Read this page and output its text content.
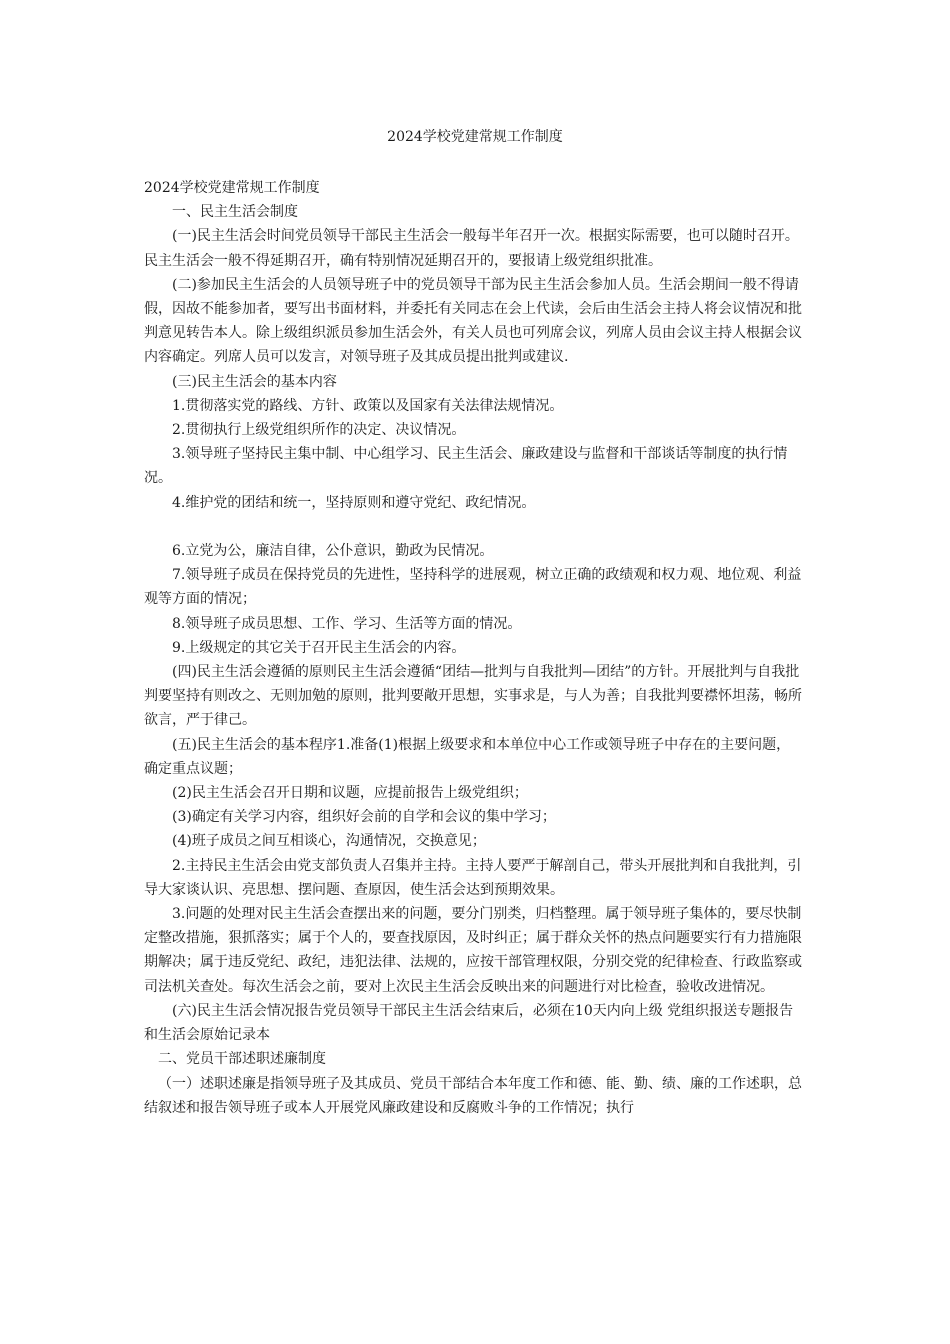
2024学校党建常规工作制度

2024学校党建常规工作制度

一、民主生活会制度

(一)民主生活会时间党员领导干部民主生活会一般每半年召开一次。根据实际需要，也可以随时召开。民主生活会一般不得延期召开，确有特别情况延期召开的，要报请上级党组织批准。

(二)参加民主生活会的人员领导班子中的党员领导干部为民主生活会参加人员。生活会期间一般不得请假，因故不能参加者，要写出书面材料，并委托有关同志在会上代读，会后由生活会主持人将会议情况和批判意见转告本人。除上级组织派员参加生活会外，有关人员也可列席会议，列席人员由会议主持人根据会议内容确定。列席人员可以发言，对领导班子及其成员提出批判或建议.

(三)民主生活会的基本内容

1.贯彻落实党的路线、方针、政策以及国家有关法律法规情况。

2.贯彻执行上级党组织所作的决定、决议情况。

3.领导班子坚持民主集中制、中心组学习、民主生活会、廉政建设与监督和干部谈话等制度的执行情况。

4.维护党的团结和统一，坚持原则和遵守党纪、政纪情况。

6.立党为公，廉洁自律，公仆意识，勤政为民情况。

7.领导班子成员在保持党员的先进性，坚持科学的进展观，树立正确的政绩观和权力观、地位观、利益观等方面的情况；

8.领导班子成员思想、工作、学习、生活等方面的情况。

9.上级规定的其它关于召开民主生活会的内容。

(四)民主生活会遵循的原则民主生活会遵循“团结—批判与自我批判—团结”的方针。开展批判与自我批判要坚持有则改之、无则加勉的原则，批判要敞开思想，实事求是，与人为善；自我批判要襟怀坦荡，畅所欲言，严于律己。

(五)民主生活会的基本程序1.准备(1)根据上级要求和本单位中心工作或领导班子中存在的主要问题，确定重点议题；

(2)民主生活会召开日期和议题，应提前报告上级党组织；

(3)确定有关学习内容，组织好会前的自学和会议的集中学习；

(4)班子成员之间互相谈心，沟通情况，交换意见；

2.主持民主生活会由党支部负责人召集并主持。主持人要严于解剖自己，带头开展批判和自我批判，引导大家谈认识、亮思想、摆问题、查原因，使生活会达到预期效果。

3.问题的处理对民主生活会查摆出来的问题，要分门别类，归档整理。属于领导班子集体的，要尽快制定整改措施，狠抓落实；属于个人的，要查找原因，及时纠正；属于群众关怀的热点问题要实行有力措施限期解决；属于违反党纪、政纪，违犯法律、法规的，应按干部管理权限，分别交党的纪律检查、行政监察或司法机关查处。每次生活会之前，要对上次民主生活会反映出来的问题进行对比检查，验收改进情况。

(六)民主生活会情况报告党员领导干部民主生活会结束后，必须在10天内向上级 党组织报送专题报告和生活会原始记录本

二、党员干部述职述廉制度

（一）述职述廉是指领导班子及其成员、党员干部结合本年度工作和德、能、勤、绩、廉的工作述职，总结叙述和报告领导班子或本人开展党风廉政建设和反腐败斗争的工作情况；执行
